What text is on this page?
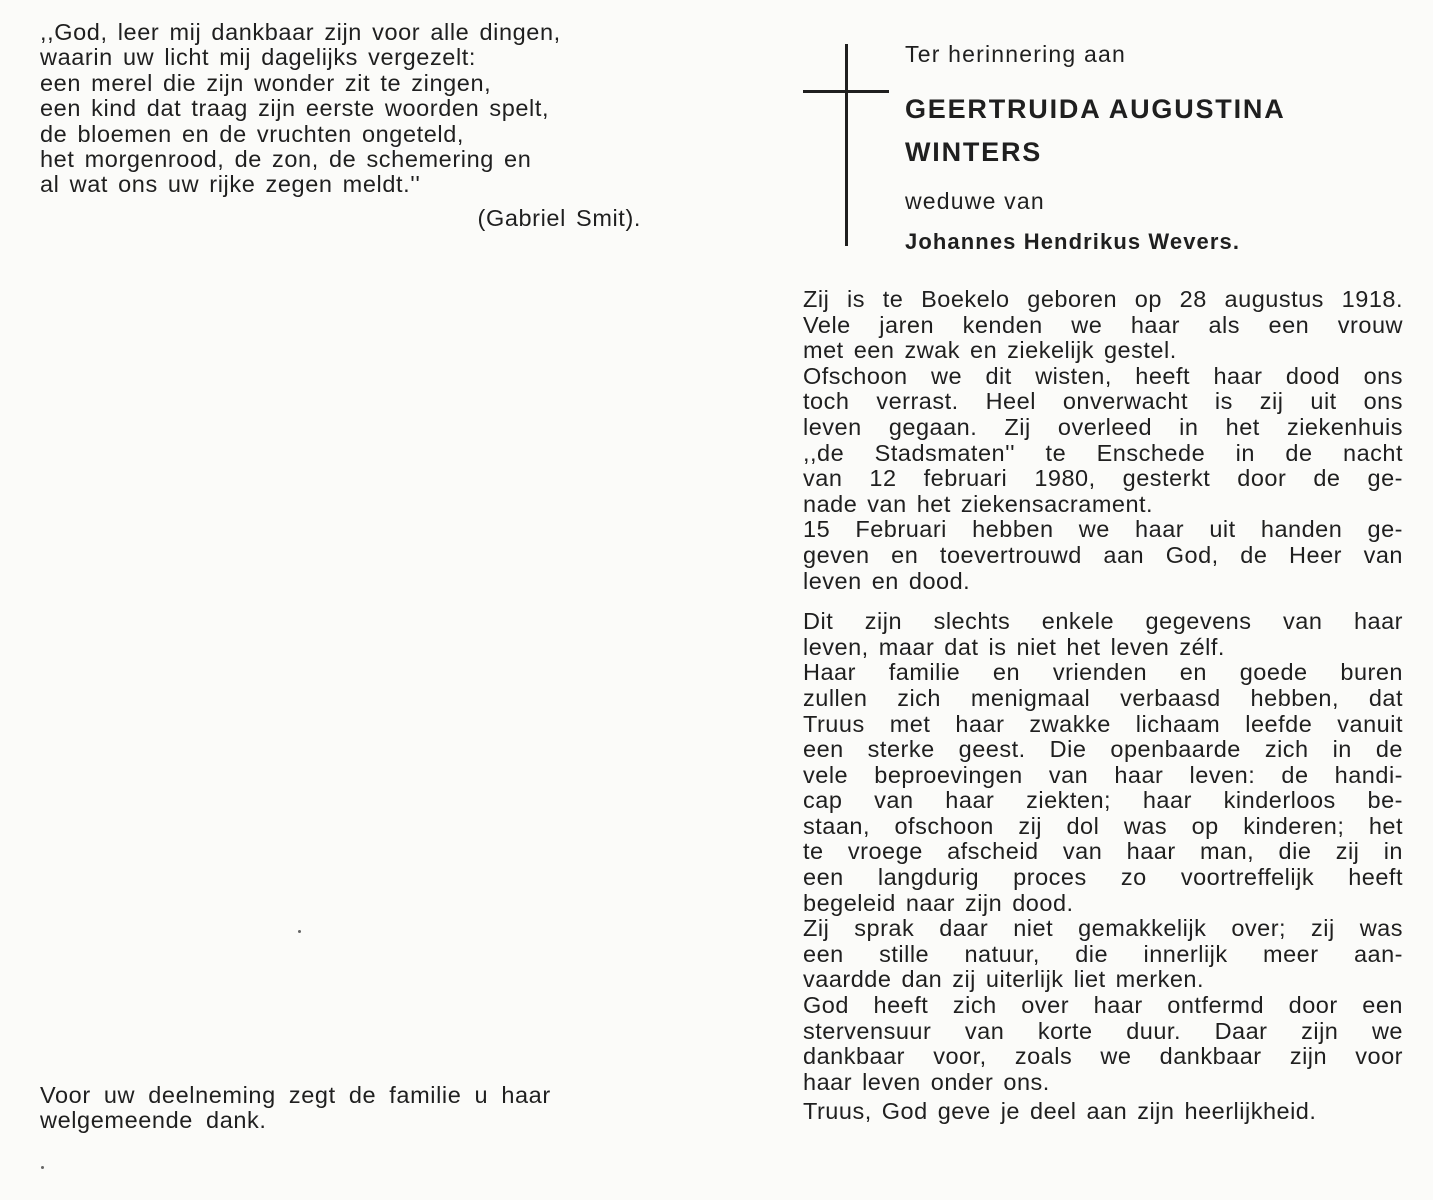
,,God, leer mij dankbaar zijn voor alle dingen,
waarin uw licht mij dagelijks vergezelt:
een merel die zijn wonder zit te zingen,
een kind dat traag zijn eerste woorden spelt,
de bloemen en de vruchten ongeteld,
het morgenrood, de zon, de schemering en
al wat ons uw rijke zegen meldt.''
(Gabriel Smit).
Voor uw deelneming zegt de familie u haar
welgemeende dank.
Ter herinnering aan
GEERTRUIDA AUGUSTINA
WINTERS
weduwe van
Johannes Hendrikus Wevers.
Zij is te Boekelo geboren op 28 augustus 1918.
Vele jaren kenden we haar als een vrouw
met een zwak en ziekelijk gestel.
Ofschoon we dit wisten, heeft haar dood ons
toch verrast. Heel onverwacht is zij uit ons
leven gegaan. Zij overleed in het ziekenhuis
,,de Stadsmaten'' te Enschede in de nacht
van 12 februari 1980, gesterkt door de ge-
nade van het ziekensacrament.
15 Februari hebben we haar uit handen ge-
geven en toevertrouwd aan God, de Heer van
leven en dood.
Dit zijn slechts enkele gegevens van haar
leven, maar dat is niet het leven zélf.
Haar familie en vrienden en goede buren
zullen zich menigmaal verbaasd hebben, dat
Truus met haar zwakke lichaam leefde vanuit
een sterke geest. Die openbaarde zich in de
vele beproevingen van haar leven: de handi-
cap van haar ziekten; haar kinderloos be-
staan, ofschoon zij dol was op kinderen; het
te vroege afscheid van haar man, die zij in
een langdurig proces zo voortreffelijk heeft
begeleid naar zijn dood.
Zij sprak daar niet gemakkelijk over; zij was
een stille natuur, die innerlijk meer aan-
vaardde dan zij uiterlijk liet merken.
God heeft zich over haar ontfermd door een
stervensuur van korte duur. Daar zijn we
dankbaar voor, zoals we dankbaar zijn voor
haar leven onder ons.
Truus, God geve je deel aan zijn heerlijkheid.
